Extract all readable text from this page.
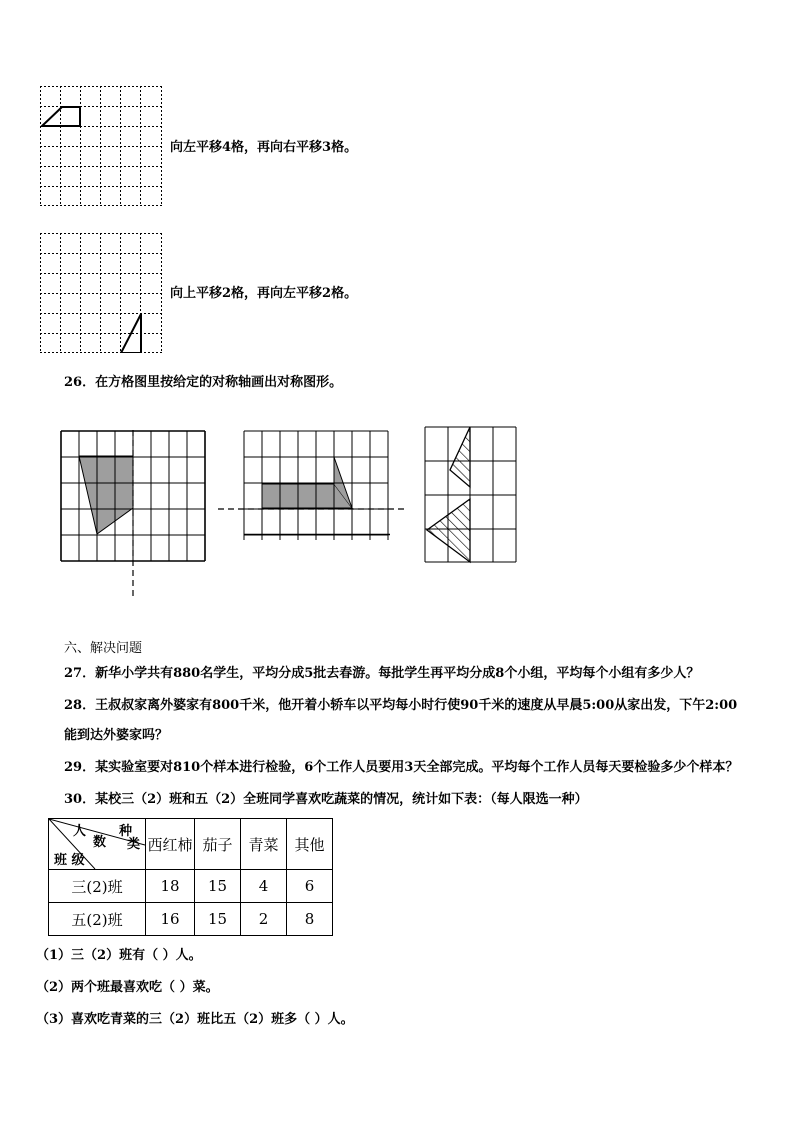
向左平移4格，再向右平移3格。
向上平移2格，再向左平移2格。
26．在方格图里按给定的对称轴画出对称图形。
六、解决问题
27．新华小学共有880名学生，平均分成5批去春游。每批学生再平均分成8个小组，平均每个小组有多少人？
28．王叔叔家离外婆家有800千米，他开着小轿车以平均每小时行使90千米的速度从早晨5:00从家出发，下午2:00
能到达外婆家吗？
29．某实验室要对810个样本进行检验，6个工作人员要用3天全部完成。平均每个工作人员每天要检验多少个样本？
30．某校三（2）班和五（2）全班同学喜欢吃蔬菜的情况，统计如下表：（每人限选一种）
人 种
数 类
班 级	西红柿	茄子	青菜	其他
三(2)班	18	15	4	6
五(2)班	16	15	2	8
（1）三（2）班有（ ）人。
（2）两个班最喜欢吃（ ）菜。
（3）喜欢吃青菜的三（2）班比五（2）班多（ ）人。
